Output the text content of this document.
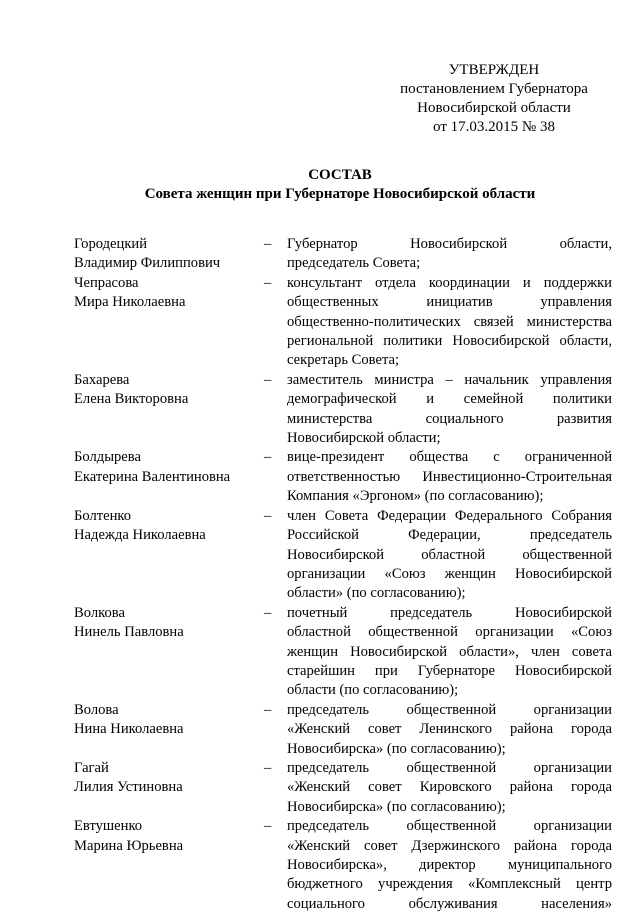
УТВЕРЖДЕН
постановлением Губернатора
Новосибирской области
от 17.03.2015 № 38
СОСТАВ
Совета женщин при Губернаторе Новосибирской области
Городецкий
Владимир Филиппович
–	Губернатор Новосибирской области,
председатель Совета;
Чепрасова
Мира Николаевна
–	консультант отдела координации и поддержки
общественных инициатив управления
общественно-политических связей министерства
региональной политики Новосибирской области,
секретарь Совета;
Бахарева
Елена Викторовна
–	заместитель министра – начальник управления
демографической и семейной политики
министерства социального развития
Новосибирской области;
Болдырева
Екатерина Валентиновна
–	вице-президент общества с ограниченной
ответственностью Инвестиционно-Строительная
Компания «Эргоном» (по согласованию);
Болтенко
Надежда Николаевна
–	член Совета Федерации Федерального Собрания
Российской Федерации, председатель
Новосибирской областной общественной
организации «Союз женщин Новосибирской
области» (по согласованию);
Волкова
Нинель Павловна
–	почетный председатель Новосибирской
областной общественной организации «Союз
женщин Новосибирской области», член совета
старейшин при Губернаторе Новосибирской
области (по согласованию);
Волова
Нина Николаевна
–	председатель общественной организации
«Женский совет Ленинского района города
Новосибирска» (по согласованию);
Гагай
Лилия Устиновна
–	председатель общественной организации
«Женский совет Кировского района города
Новосибирска» (по согласованию);
Евтушенко
Марина Юрьевна
–	председатель общественной организации
«Женский совет Дзержинского района города
Новосибирска», директор муниципального
бюджетного учреждения «Комплексный центр
социального обслуживания населения»
